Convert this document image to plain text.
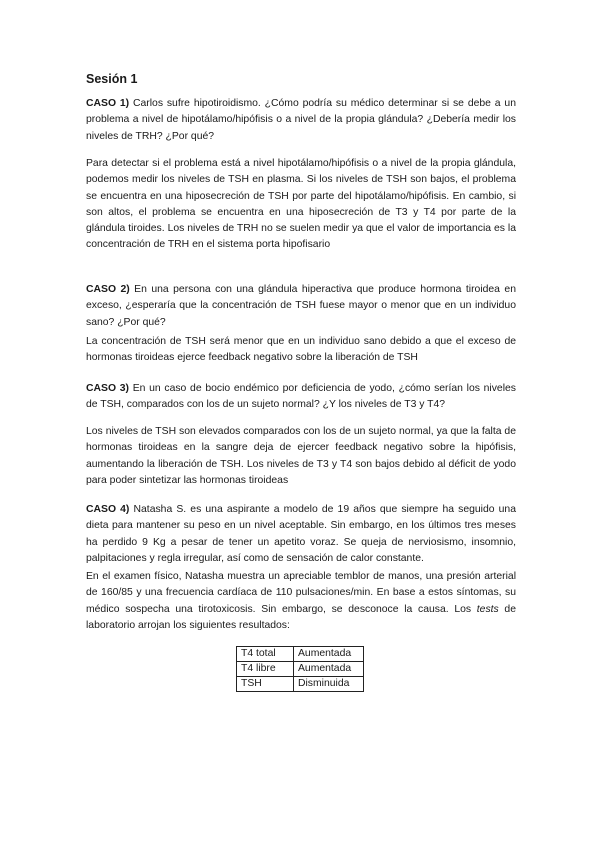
Sesión 1
CASO 1) Carlos sufre hipotiroidismo. ¿Cómo podría su médico determinar si se debe a un problema a nivel de hipotálamo/hipófisis o a nivel de la propia glándula? ¿Debería medir los niveles de TRH? ¿Por qué?
Para detectar si el problema está a nivel hipotálamo/hipófisis o a nivel de la propia glándula, podemos medir los niveles de TSH en plasma. Si los niveles de TSH son bajos, el problema se encuentra en una hiposecreción de TSH por parte del hipotálamo/hipófisis. En cambio, si son altos, el problema se encuentra en una hiposecreción de T3 y T4 por parte de la glándula tiroides. Los niveles de TRH no se suelen medir ya que el valor de importancia es la concentración de TRH en el sistema porta hipofisario
CASO 2) En una persona con una glándula hiperactiva que produce hormona tiroidea en exceso, ¿esperaría que la concentración de TSH fuese mayor o menor que en un individuo sano? ¿Por qué?
La concentración de TSH será menor que en un individuo sano debido a que el exceso de hormonas tiroideas ejerce feedback negativo sobre la liberación de TSH
CASO 3) En un caso de bocio endémico por deficiencia de yodo, ¿cómo serían los niveles de TSH, comparados con los de un sujeto normal? ¿Y los niveles de T3 y T4?
Los niveles de TSH son elevados comparados con los de un sujeto normal, ya que la falta de hormonas tiroideas en la sangre deja de ejercer feedback negativo sobre la hipófisis, aumentando la liberación de TSH. Los niveles de T3 y T4 son bajos debido al déficit de yodo para poder sintetizar las hormonas tiroideas
CASO 4) Natasha S. es una aspirante a modelo de 19 años que siempre ha seguido una dieta para mantener su peso en un nivel aceptable. Sin embargo, en los últimos tres meses ha perdido 9 Kg a pesar de tener un apetito voraz. Se queja de nerviosismo, insomnio, palpitaciones y regla irregular, así como de sensación de calor constante.
En el examen físico, Natasha muestra un apreciable temblor de manos, una presión arterial de 160/85 y una frecuencia cardíaca de 110 pulsaciones/min. En base a estos síntomas, su médico sospecha una tirotoxicosis. Sin embargo, se desconoce la causa. Los tests de laboratorio arrojan los siguientes resultados:
T4 total	Aumentada
T4 libre	Aumentada
TSH	Disminuida
